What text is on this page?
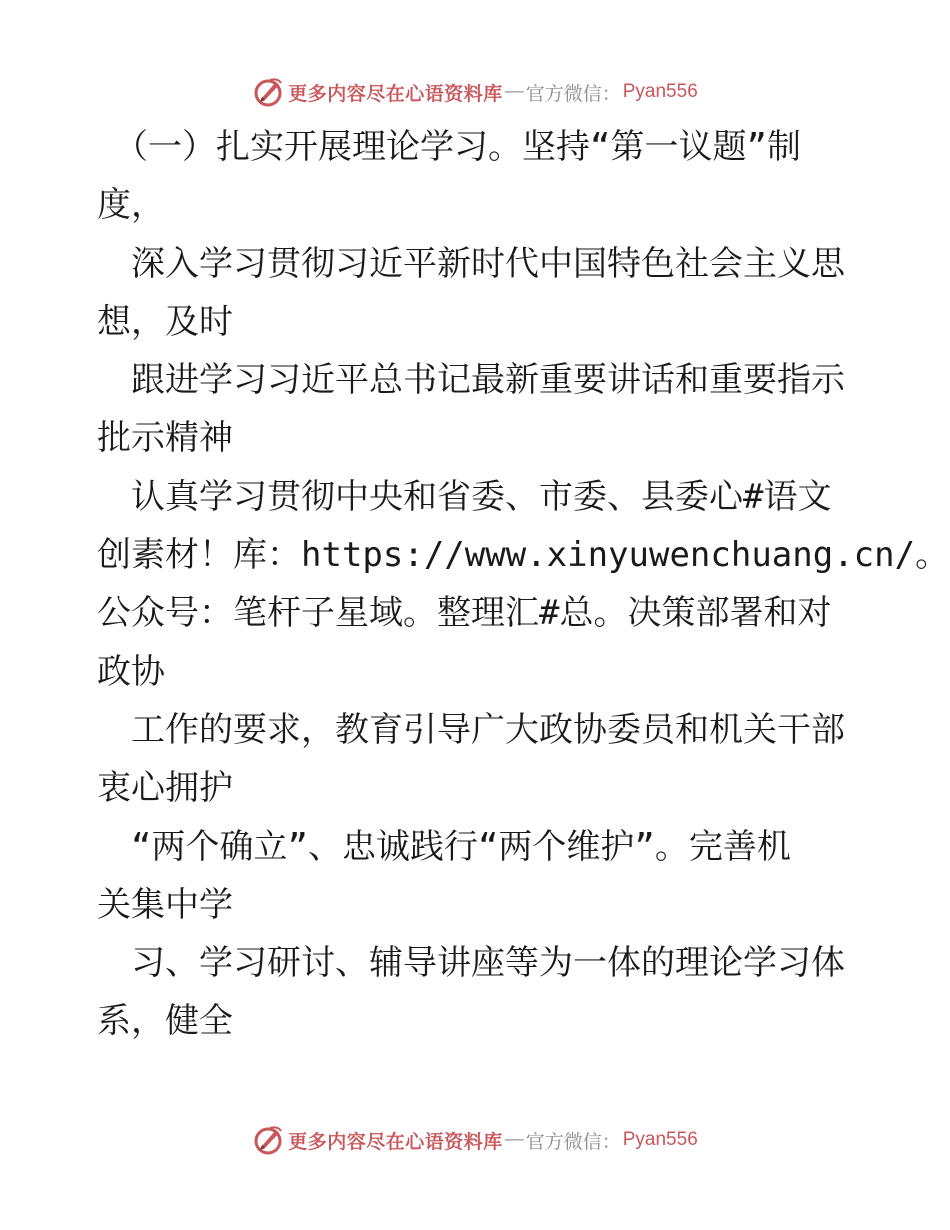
更多内容尽在心语资料库 — 官方微信： Pyan556
　（一）扎实开展理论学习。坚持“第一议题”制
度，
　深入学习贯彻习近平新时代中国特色社会主义思
想，及时
　跟进学习习近平总书记最新重要讲话和重要指示
批示精神
　认真学习贯彻中央和省委、市委、县委心#语文
创素材！库：https://www.xinyuwenchuang.cn/。
公众号：笔杆子星域。整理汇#总。决策部署和对
政协
　工作的要求，教育引导广大政协委员和机关干部
衷心拥护
　“两个确立”、忠诚践行“两个维护”。完善机
关集中学
　习、学习研讨、辅导讲座等为一体的理论学习体
系，健全
更多内容尽在心语资料库 — 官方微信： Pyan556
